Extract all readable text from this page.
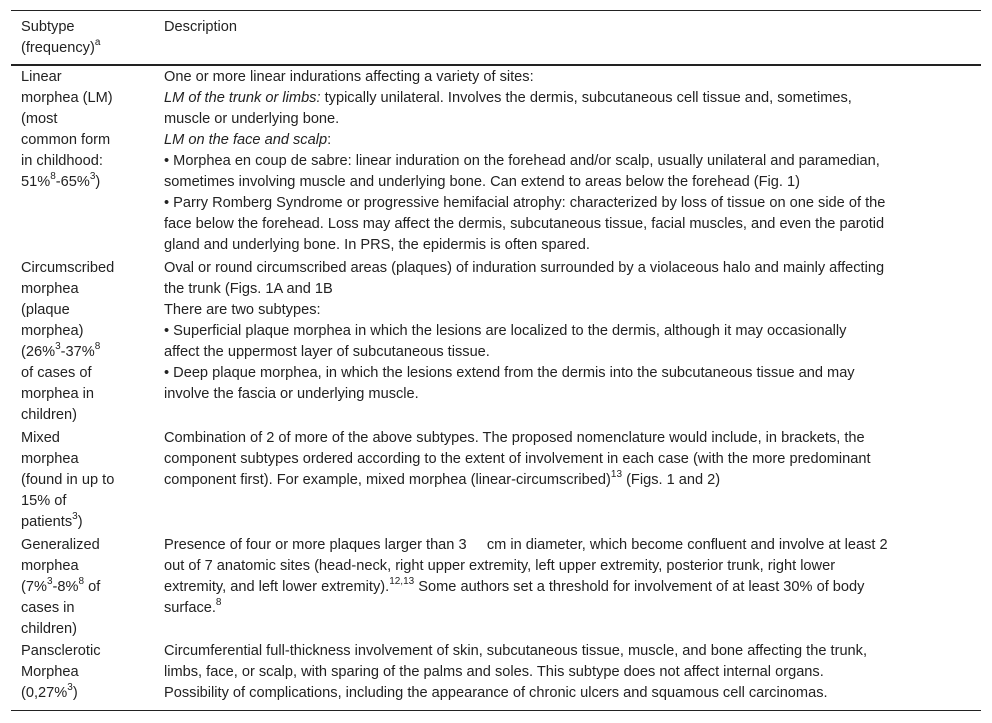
Subtype
(frequency)$^a$
Description
Linear
morphea (LM)
(most
common form
in childhood:
51%$^8$-65%$^3$)
One or more linear indurations affecting a variety of sites:
LM of the trunk or limbs: typically unilateral. Involves the dermis, subcutaneous cell tissue and, sometimes,
muscle or underlying bone.
LM on the face and scalp:
• Morphea en coup de sabre: linear induration on the forehead and/or scalp, usually unilateral and paramedian,
sometimes involving muscle and underlying bone. Can extend to areas below the forehead (Fig. 1)
• Parry Romberg Syndrome or progressive hemifacial atrophy: characterized by loss of tissue on one side of the
face below the forehead. Loss may affect the dermis, subcutaneous tissue, facial muscles, and even the parotid
gland and underlying bone. In PRS, the epidermis is often spared.
Circumscribed
morphea
(plaque
morphea)
(26%$^3$-37%$^8$
of cases of
morphea in
children)
Oval or round circumscribed areas (plaques) of induration surrounded by a violaceous halo and mainly affecting
the trunk (Figs. 1A and 1B
There are two subtypes:
• Superficial plaque morphea in which the lesions are localized to the dermis, although it may occasionally
affect the uppermost layer of subcutaneous tissue.
• Deep plaque morphea, in which the lesions extend from the dermis into the subcutaneous tissue and may
involve the fascia or underlying muscle.
Mixed
morphea
(found in up to
15% of
patients$^3$)
Combination of 2 of more of the above subtypes. The proposed nomenclature would include, in brackets, the
component subtypes ordered according to the extent of involvement in each case (with the more predominant
component first). For example, mixed morphea (linear-circumscribed)$^{13}$ (Figs. 1 and 2)
Generalized
morphea
(7%$^3$-8%$^8$ of
cases in
children)
Presence of four or more plaques larger than 3     cm in diameter, which become confluent and involve at least 2
out of 7 anatomic sites (head-neck, right upper extremity, left upper extremity, posterior trunk, right lower
extremity, and left lower extremity).$^{12,13}$ Some authors set a threshold for involvement of at least 30% of body
surface.$^8$
Pansclerotic
Morphea
(0,27%$^3$)
Circumferential full-thickness involvement of skin, subcutaneous tissue, muscle, and bone affecting the trunk,
limbs, face, or scalp, with sparing of the palms and soles. This subtype does not affect internal organs.
Possibility of complications, including the appearance of chronic ulcers and squamous cell carcinomas.
